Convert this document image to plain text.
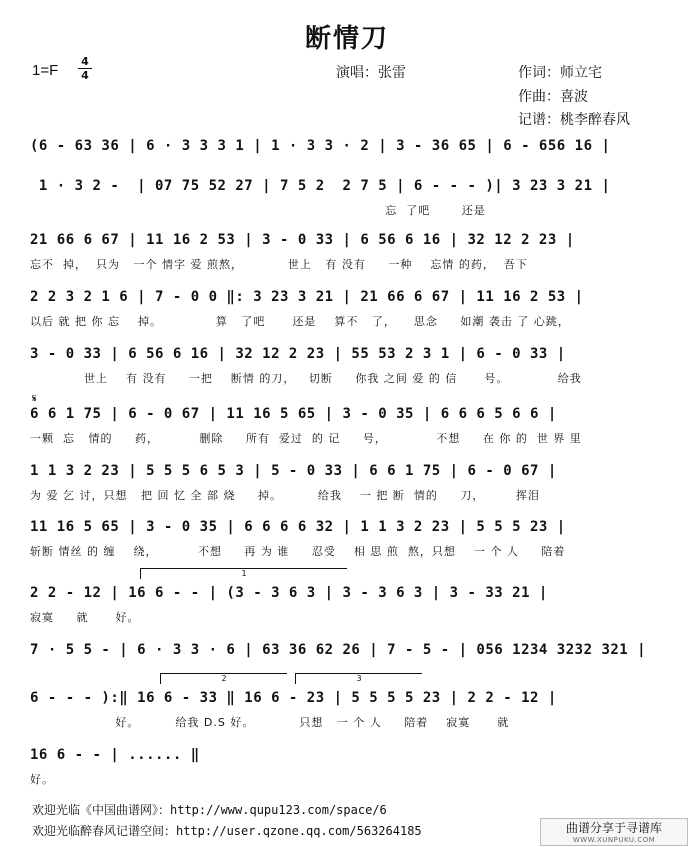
断情刀
1=F
4
4	演唱：张雷	作词：师立宅
作曲：喜波
记谱：桃李醉春风
(6 - 63 36 | 6 · 3 3 3 1 | 1 · 3 3 · 2 | 3 - 36 65 | 6 - 656 16 |
1 · 3 2 -  | 07 75 52 27 | 7 5 2  2 7 5 | 6 - - - )| 3 23 3 21 |
忘  了吧       还是
21 66 6 67 | 11 16 2 53 | 3 - 0 33 | 6 56 6 16 | 32 12 2 23 |
忘不  掉，  只为   一个 情字 爱 煎熬，          世上   有 没有     一种    忘情 的药，  吾下
2 2 3 2 1 6 | 7 - 0 0 ‖: 3 23 3 21 | 21 66 6 67 | 11 16 2 53 |
以后 就 把 你 忘    掉。            算   了吧      还是    算不   了，    思念     如潮 袭击 了 心跳，
3 - 0 33 | 6 56 6 16 | 32 12 2 23 | 55 53 2 3 1 | 6 - 0 33 |
世上    有 没有     一把    断情 的刀，   切断     你我 之间 爱 的 信      号。           给我
𝄋
6 6 1 75 | 6 - 0 67 | 11 16 5 65 | 3 - 0 35 | 6 6 6 5 6 6 |
一颗  忘   情的     药，         删除     所有  爱过  的 记     号，           不想     在 你 的  世 界 里
1 1 3 2 23 | 5 5 5 6 5 3 | 5 - 0 33 | 6 6 1 75 | 6 - 0 67 |
为 爱 乞 讨，只想   把 回 忆 全 部 烧     掉。        给我    一 把 断  情的     刀，       挥泪
11 16 5 65 | 3 - 0 35 | 6 6 6 6 32 | 1 1 3 2 23 | 5 5 5 23 |
斩断 情丝 的 缠    绕，         不想     再 为 谁     忍受    相 思 煎  熬，只想    一 个 人     陪着
1
2 2 - 12 | 16 6 - - | (3 - 3 6 3 | 3 - 3 6 3 | 3 - 33 21 |
寂寞     就      好。
7 · 5 5 - | 6 · 3 3 · 6 | 63 36 62 26 | 7 - 5 - | 056 1234 3232 321 |
2	3
6 - - - ):‖ 16 6 - 33 ‖ 16 6 - 23 | 5 5 5 5 23 | 2 2 - 12 |
好。        给我 D.S 好。          只想   一 个 人     陪着    寂寞      就
16 6 - - | ...... ‖
好。
欢迎光临《中国曲谱网》：http://www.qupu123.com/space/6
欢迎光临醉春风记谱空间：http://user.qzone.qq.com/563264185	曲谱分享于寻谱库
WWW.XUNPUKU.COM
